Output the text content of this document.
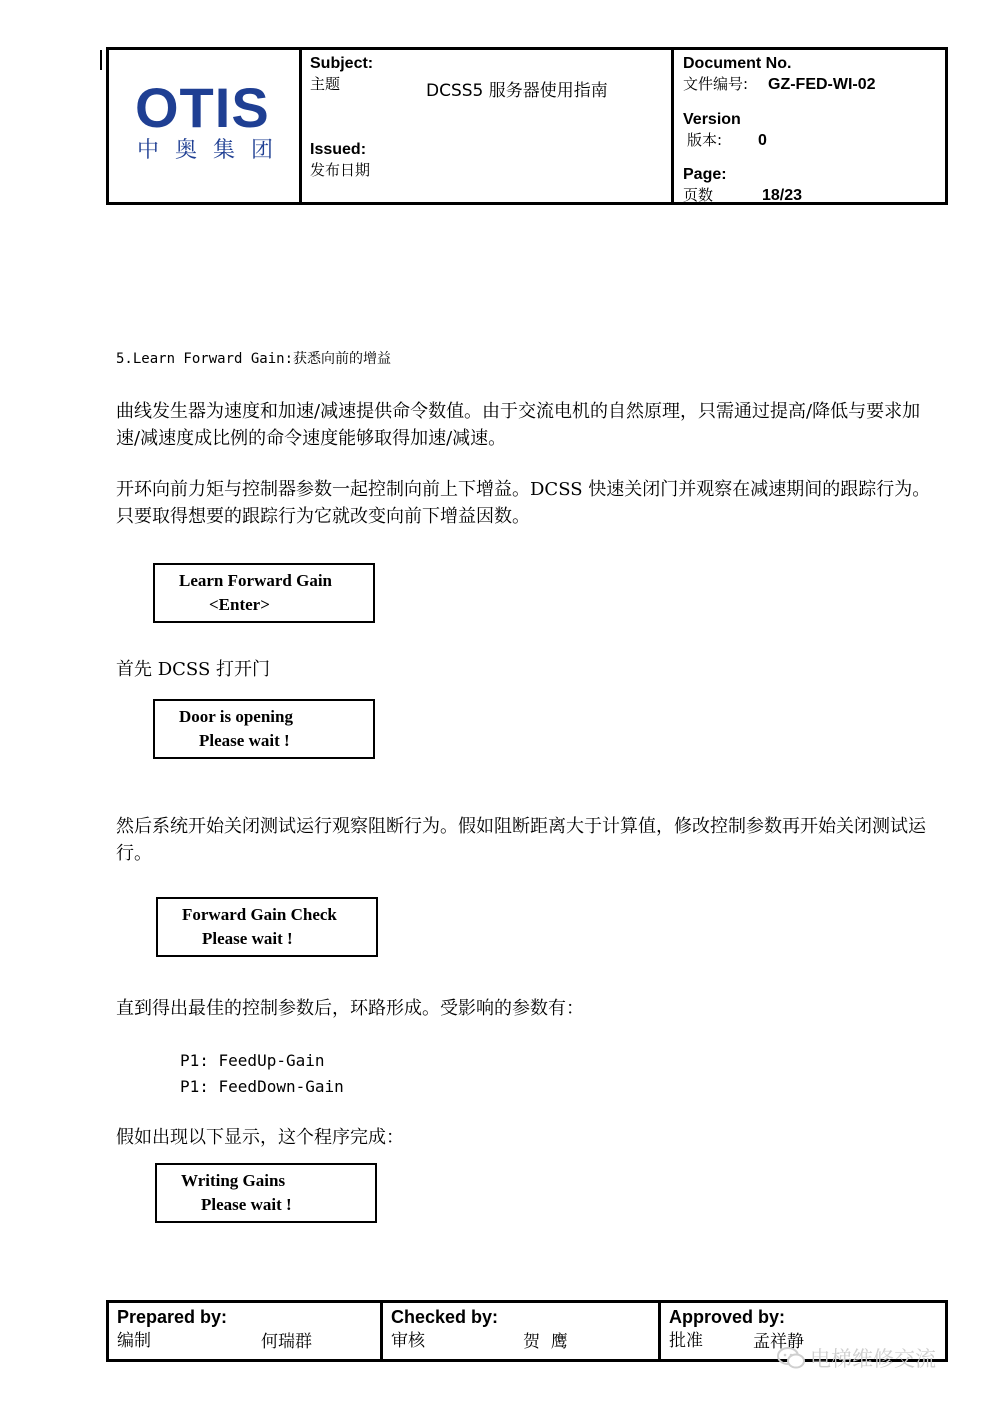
OTIS
中奥集团
Subject:
主题	DCSS5 服务器使用指南
Issued:
发布日期
Document No.
文件编号: GZ-FED-WI-02
Version
版本: 0
Page:
页数	18/23
5.Learn Forward Gain:获悉向前的增益
曲线发生器为速度和加速/减速提供命令数值。由于交流电机的自然原理，只需通过提高/降低与要求加速/减速度成比例的命令速度能够取得加速/减速。
开环向前力矩与控制器参数一起控制向前上下增益。DCSS 快速关闭门并观察在减速期间的跟踪行为。只要取得想要的跟踪行为它就改变向前下增益因数。
Learn Forward Gain
<Enter>
首先 DCSS 打开门
Door is opening
Please wait !
然后系统开始关闭测试运行观察阻断行为。假如阻断距离大于计算值，修改控制参数再开始关闭测试运行。
Forward Gain Check
Please wait !
直到得出最佳的控制参数后，环路形成。受影响的参数有：
P1: FeedUp-Gain
P1: FeedDown-Gain
假如出现以下显示，这个程序完成：
Writing Gains
Please wait !
Prepared by:
编制	何瑞群
Checked by:
审核	贺  鹰
Approved by:
批准	孟祥静
电梯维修交流
